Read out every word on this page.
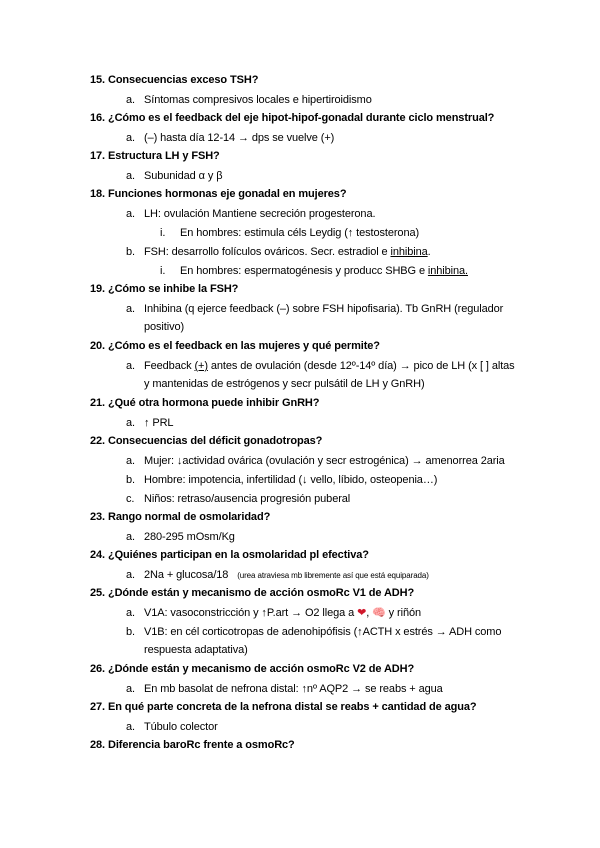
15. Consecuencias exceso TSH?
a. Síntomas compresivos locales e hipertiroidismo
16. ¿Cómo es el feedback del eje hipot-hipof-gonadal durante ciclo menstrual?
a. (–) hasta día 12-14 → dps se vuelve (+)
17. Estructura LH y FSH?
a. Subunidad α y β
18. Funciones hormonas eje gonadal en mujeres?
a. LH: ovulación Mantiene secreción progesterona.
i. En hombres: estimula céls Leydig (↑ testosterona)
b. FSH: desarrollo folículos ováricos. Secr. estradiol e inhibina.
i. En hombres: espermatogénesis y producc SHBG e inhibina.
19. ¿Cómo se inhibe la FSH?
a. Inhibina (q ejerce feedback (–) sobre FSH hipofisaria). Tb GnRH (regulador
positivo)
20. ¿Cómo es el feedback en las mujeres y qué permite?
a. Feedback (+) antes de ovulación (desde 12º-14º día) → pico de LH (x [ ] altas
y mantenidas de estrógenos y secr pulsátil de LH y GnRH)
21. ¿Qué otra hormona puede inhibir GnRH?
a. ↑ PRL
22. Consecuencias del déficit gonadotropas?
a. Mujer: ↓actividad ovárica (ovulación y secr estrogénica) → amenorrea 2aria
b. Hombre: impotencia, infertilidad (↓ vello, líbido, osteopenia…)
c. Niños: retraso/ausencia progresión puberal
23. Rango normal de osmolaridad?
a. 280-295 mOsm/Kg
24. ¿Quiénes participan en la osmolaridad pl efectiva?
a. 2Na + glucosa/18 (urea atraviesa mb libremente así que está equiparada)
25. ¿Dónde están y mecanismo de acción osmoRc V1 de ADH?
a. V1A: vasoconstricción y ↑P.art → O2 llega a ❤, 🧠 y riñón
b. V1B: en cél corticotropas de adenohipófisis (↑ACTH x estrés → ADH como
respuesta adaptativa)
26. ¿Dónde están y mecanismo de acción osmoRc V2 de ADH?
a. En mb basolat de nefrona distal: ↑nº AQP2 → se reabs + agua
27. En qué parte concreta de la nefrona distal se reabs + cantidad de agua?
a. Túbulo colector
28. Diferencia baroRc frente a osmoRc?
